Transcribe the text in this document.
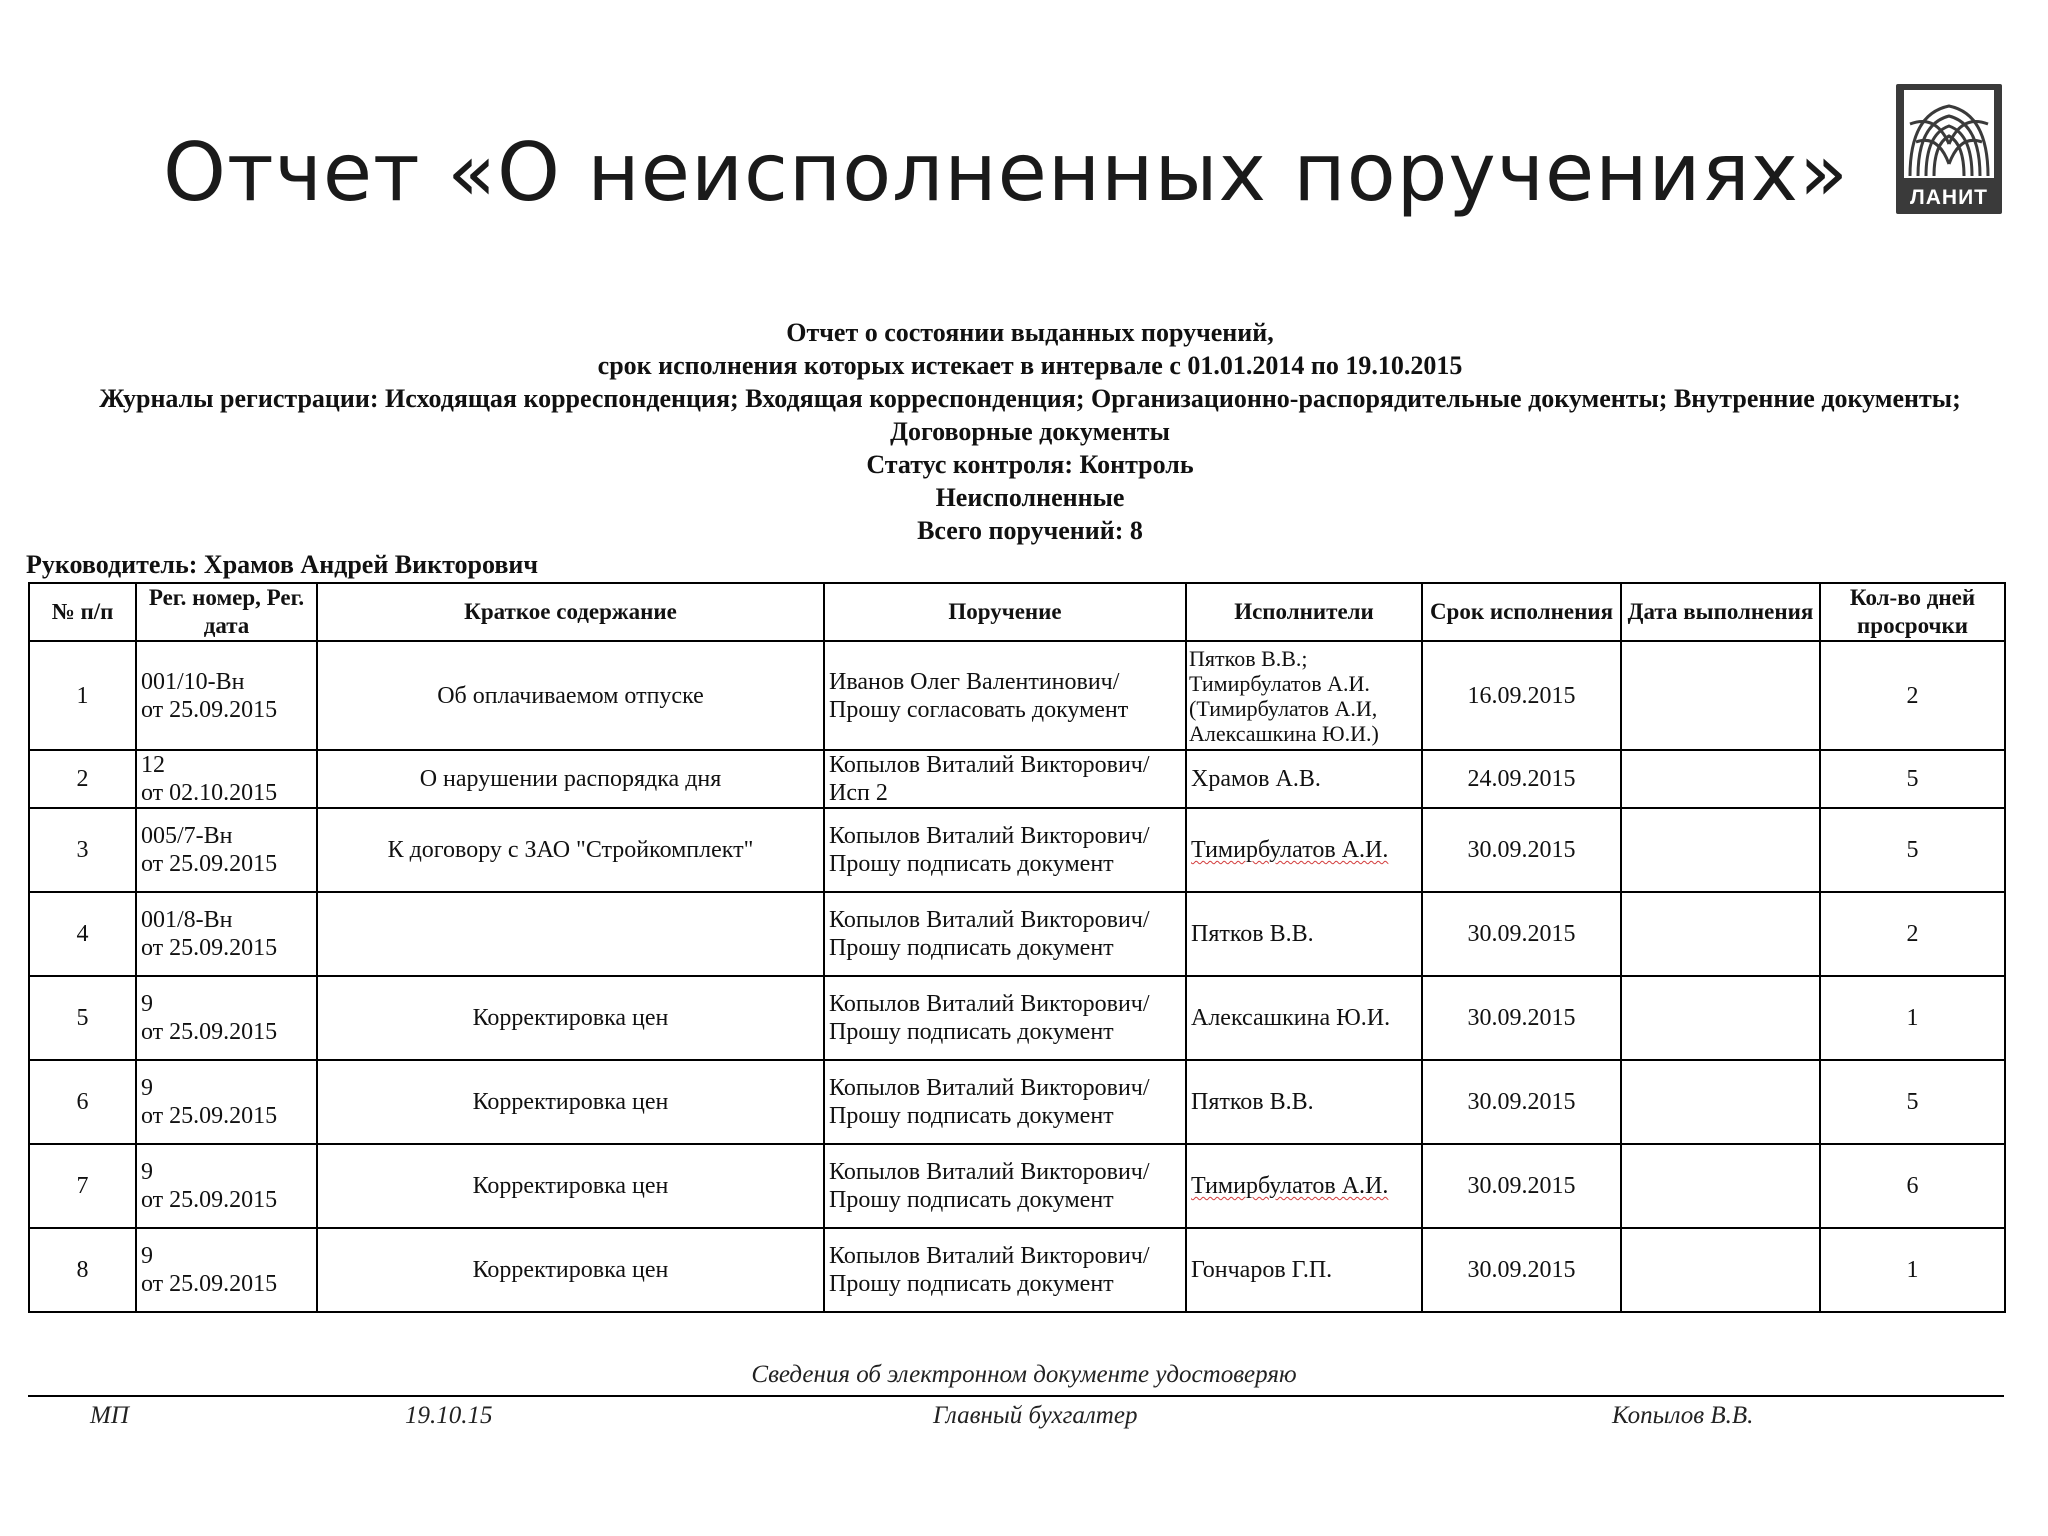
Отчет «О неисполненных поручениях»	ЛАНИТ
Отчет о состоянии выданных поручений,
срок исполнения которых истекает в интервале с 01.01.2014 по 19.10.2015
Журналы регистрации: Исходящая корреспонденция; Входящая корреспонденция; Организационно-распорядительные документы; Внутренние документы; Договорные документы
Статус контроля: Контроль
Неисполненные
Всего поручений: 8
Руководитель: Храмов Андрей Викторович
№ п/п	Рег. номер, Рег. дата	Краткое содержание	Поручение	Исполнители	Срок исполнения	Дата выполнения	Кол-во дней просрочки
1	001/10-Вн
от 25.09.2015	Об оплачиваемом отпуске	Иванов Олег Валентинович/Прошу согласовать документ	Пятков В.В.; Тимирбулатов А.И. (Тимирбулатов А.И, Алексашкина Ю.И.)	16.09.2015		2
2	12
от 02.10.2015	О нарушении распорядка дня	Копылов Виталий Викторович/Исп 2	Храмов А.В.	24.09.2015		5
3	005/7-Вн
от 25.09.2015	К договору с ЗАО "Стройкомплект"	Копылов Виталий Викторович/Прошу подписать документ	Тимирбулатов А.И.	30.09.2015		5
4	001/8-Вн
от 25.09.2015		Копылов Виталий Викторович/Прошу подписать документ	Пятков В.В.	30.09.2015		2
5	9
от 25.09.2015	Корректировка цен	Копылов Виталий Викторович/Прошу подписать документ	Алексашкина Ю.И.	30.09.2015		1
6	9
от 25.09.2015	Корректировка цен	Копылов Виталий Викторович/Прошу подписать документ	Пятков В.В.	30.09.2015		5
7	9
от 25.09.2015	Корректировка цен	Копылов Виталий Викторович/Прошу подписать документ	Тимирбулатов А.И.	30.09.2015		6
8	9
от 25.09.2015	Корректировка цен	Копылов Виталий Викторович/Прошу подписать документ	Гончаров Г.П.	30.09.2015		1
Сведения об электронном документе удостоверяю
МП	19.10.15	Главный бухгалтер	Копылов В.В.
